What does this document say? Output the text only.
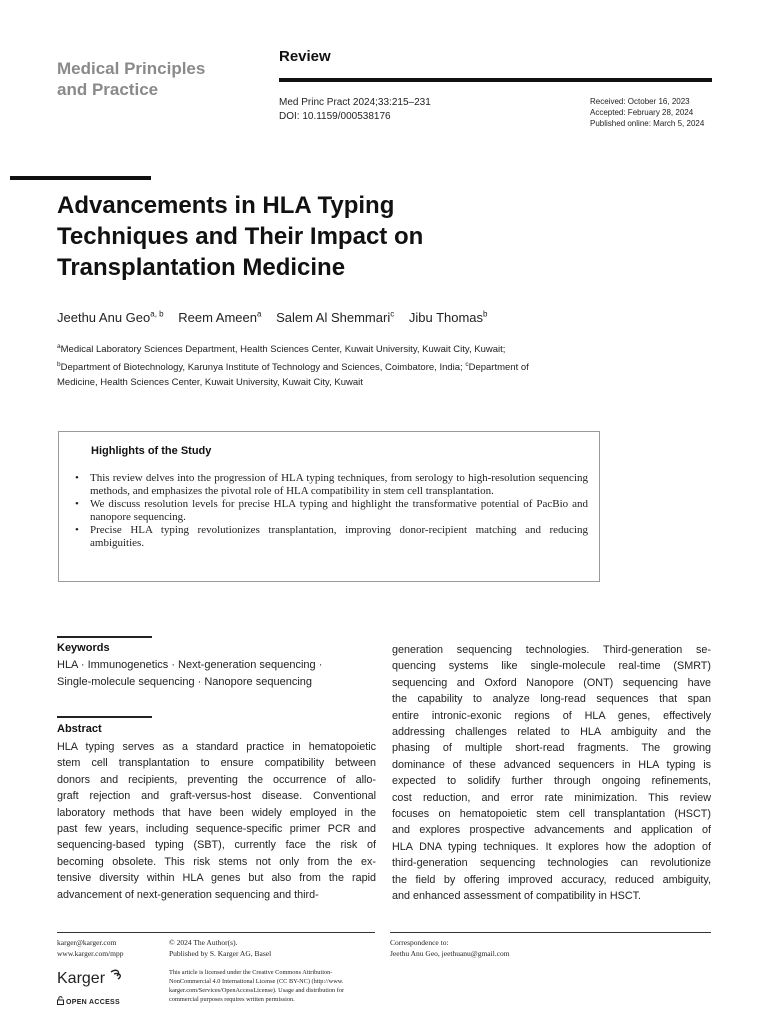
Medical Principles
and Practice
Review
Med Princ Pract 2024;33:215–231
DOI: 10.1159/000538176
Received: October 16, 2023
Accepted: February 28, 2024
Published online: March 5, 2024
Advancements in HLA Typing
Techniques and Their Impact on
Transplantation Medicine
Jeethu Anu Geo$^{a, b}$ Reem Ameen$^a$ Salem Al Shemmari$^c$ Jibu Thomas$^b$
$^a$Medical Laboratory Sciences Department, Health Sciences Center, Kuwait University, Kuwait City, Kuwait;
$^b$Department of Biotechnology, Karunya Institute of Technology and Sciences, Coimbatore, India; $^c$Department of
Medicine, Health Sciences Center, Kuwait University, Kuwait City, Kuwait
Highlights of the Study
• This review delves into the progression of HLA typing techniques, from serology to high-resolution sequencing methods, and emphasizes the pivotal role of HLA compatibility in stem cell transplantation.
• We discuss resolution levels for precise HLA typing and highlight the transformative potential of PacBio and nanopore sequencing.
• Precise HLA typing revolutionizes transplantation, improving donor-recipient matching and reducing ambiguities.
Keywords
HLA · Immunogenetics · Next-generation sequencing ·
Single-molecule sequencing · Nanopore sequencing
Abstract
HLA typing serves as a standard practice in hematopoietic
stem cell transplantation to ensure compatibility between
donors and recipients, preventing the occurrence of allo-
graft rejection and graft-versus-host disease. Conventional
laboratory methods that have been widely employed in the
past few years, including sequence-specific primer PCR and
sequencing-based typing (SBT), currently face the risk of
becoming obsolete. This risk stems not only from the ex-
tensive diversity within HLA genes but also from the rapid
advancement of next-generation sequencing and third-
generation sequencing technologies. Third-generation se-
quencing systems like single-molecule real-time (SMRT)
sequencing and Oxford Nanopore (ONT) sequencing have
the capability to analyze long-read sequences that span
entire intronic-exonic regions of HLA genes, effectively
addressing challenges related to HLA ambiguity and the
phasing of multiple short-read fragments. The growing
dominance of these advanced sequencers in HLA typing is
expected to solidify further through ongoing refinements,
cost reduction, and error rate minimization. This review
focuses on hematopoietic stem cell transplantation (HSCT)
and explores prospective advancements and application of
HLA DNA typing techniques. It explores how the adoption of
third-generation sequencing technologies can revolutionize
the field by offering improved accuracy, reduced ambiguity,
and enhanced assessment of compatibility in HSCT.
karger@karger.com
www.karger.com/mpp
© 2024 The Author(s).
Published by S. Karger AG, Basel
This article is licensed under the Creative Commons Attribution-
NonCommercial 4.0 International License (CC BY-NC) (http://www.
karger.com/Services/OpenAccessLicense). Usage and distribution for
commercial purposes requires written permission.
Correspondence to:
Jeethu Anu Geo, jeethuanu@gmail.com
Karger
OPEN ACCESS
